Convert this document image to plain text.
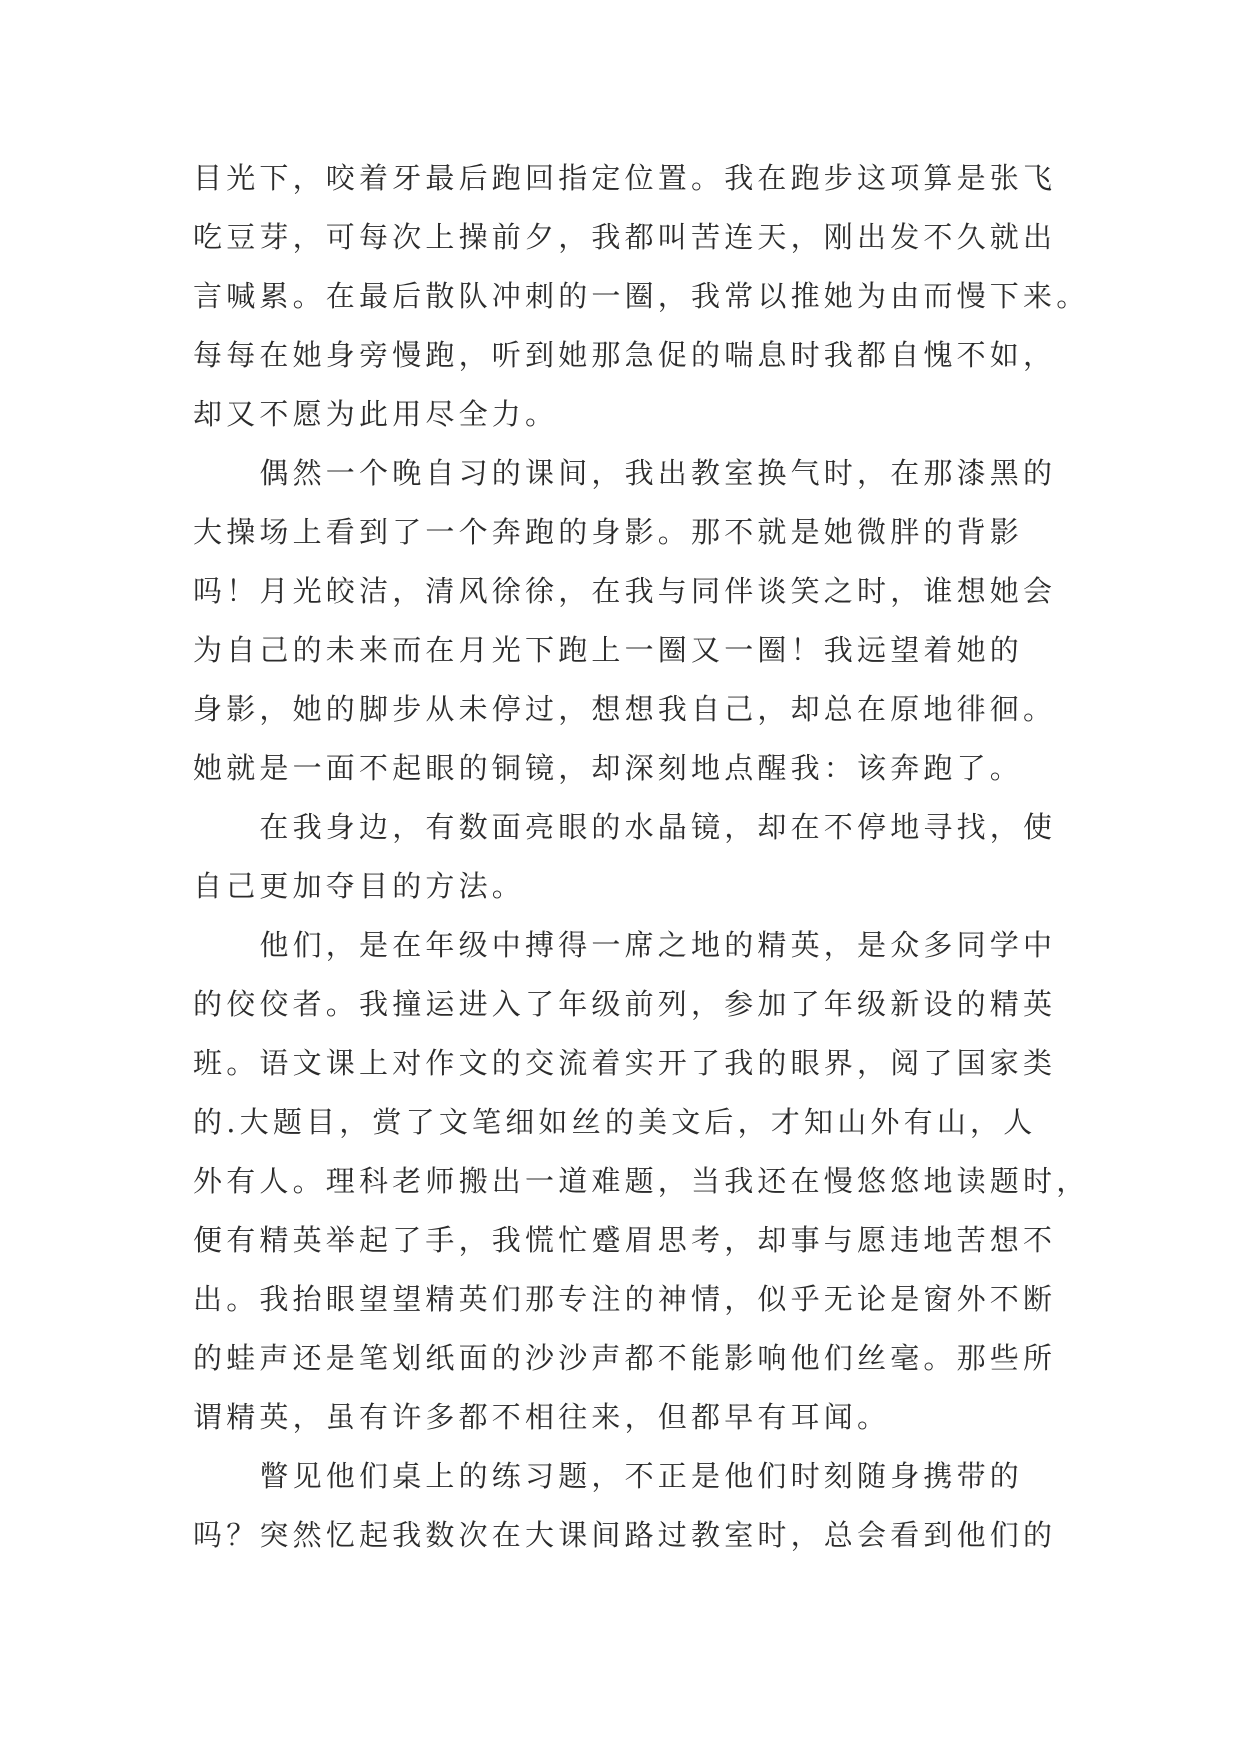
目光下，咬着牙最后跑回指定位置。我在跑步这项算是张飞
吃豆芽，可每次上操前夕，我都叫苦连天，刚出发不久就出
言喊累。在最后散队冲刺的一圈，我常以推她为由而慢下来。
每每在她身旁慢跑，听到她那急促的喘息时我都自愧不如，
却又不愿为此用尽全力。
　　偶然一个晚自习的课间，我出教室换气时，在那漆黑的
大操场上看到了一个奔跑的身影。那不就是她微胖的背影
吗！月光皎洁，清风徐徐，在我与同伴谈笑之时，谁想她会
为自己的未来而在月光下跑上一圈又一圈！我远望着她的
身影，她的脚步从未停过，想想我自己，却总在原地徘徊。
她就是一面不起眼的铜镜，却深刻地点醒我：该奔跑了。
　　在我身边，有数面亮眼的水晶镜，却在不停地寻找，使
自己更加夺目的方法。
　　他们，是在年级中搏得一席之地的精英，是众多同学中
的佼佼者。我撞运进入了年级前列，参加了年级新设的精英
班。语文课上对作文的交流着实开了我的眼界，阅了国家类
的.大题目，赏了文笔细如丝的美文后，才知山外有山，人
外有人。理科老师搬出一道难题，当我还在慢悠悠地读题时，
便有精英举起了手，我慌忙蹙眉思考，却事与愿违地苦想不
出。我抬眼望望精英们那专注的神情，似乎无论是窗外不断
的蛙声还是笔划纸面的沙沙声都不能影响他们丝毫。那些所
谓精英，虽有许多都不相往来，但都早有耳闻。
　　瞥见他们桌上的练习题，不正是他们时刻随身携带的
吗？突然忆起我数次在大课间路过教室时，总会看到他们的
